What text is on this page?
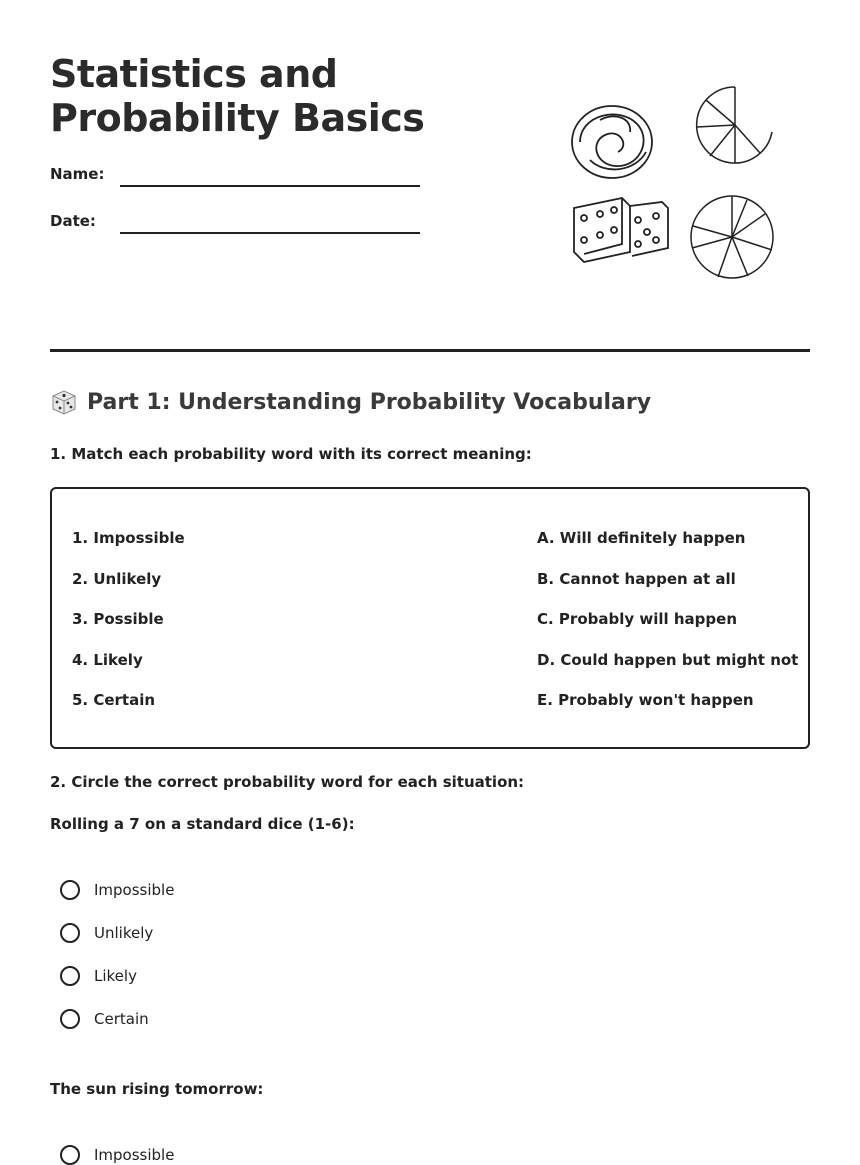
Statistics and
Probability Basics
Name:
Date:
Part 1: Understanding Probability Vocabulary

1. Match each probability word with its correct meaning:

1. Impossible
2. Unlikely
3. Possible
4. Likely
5. Certain
A. Will definitely happen
B. Cannot happen at all
C. Probably will happen
D. Could happen but might not
E. Probably won't happen

2. Circle the correct probability word for each situation:

Rolling a 7 on a standard dice (1-6):

Impossible
Unlikely
Likely
Certain

The sun rising tomorrow:

Impossible
